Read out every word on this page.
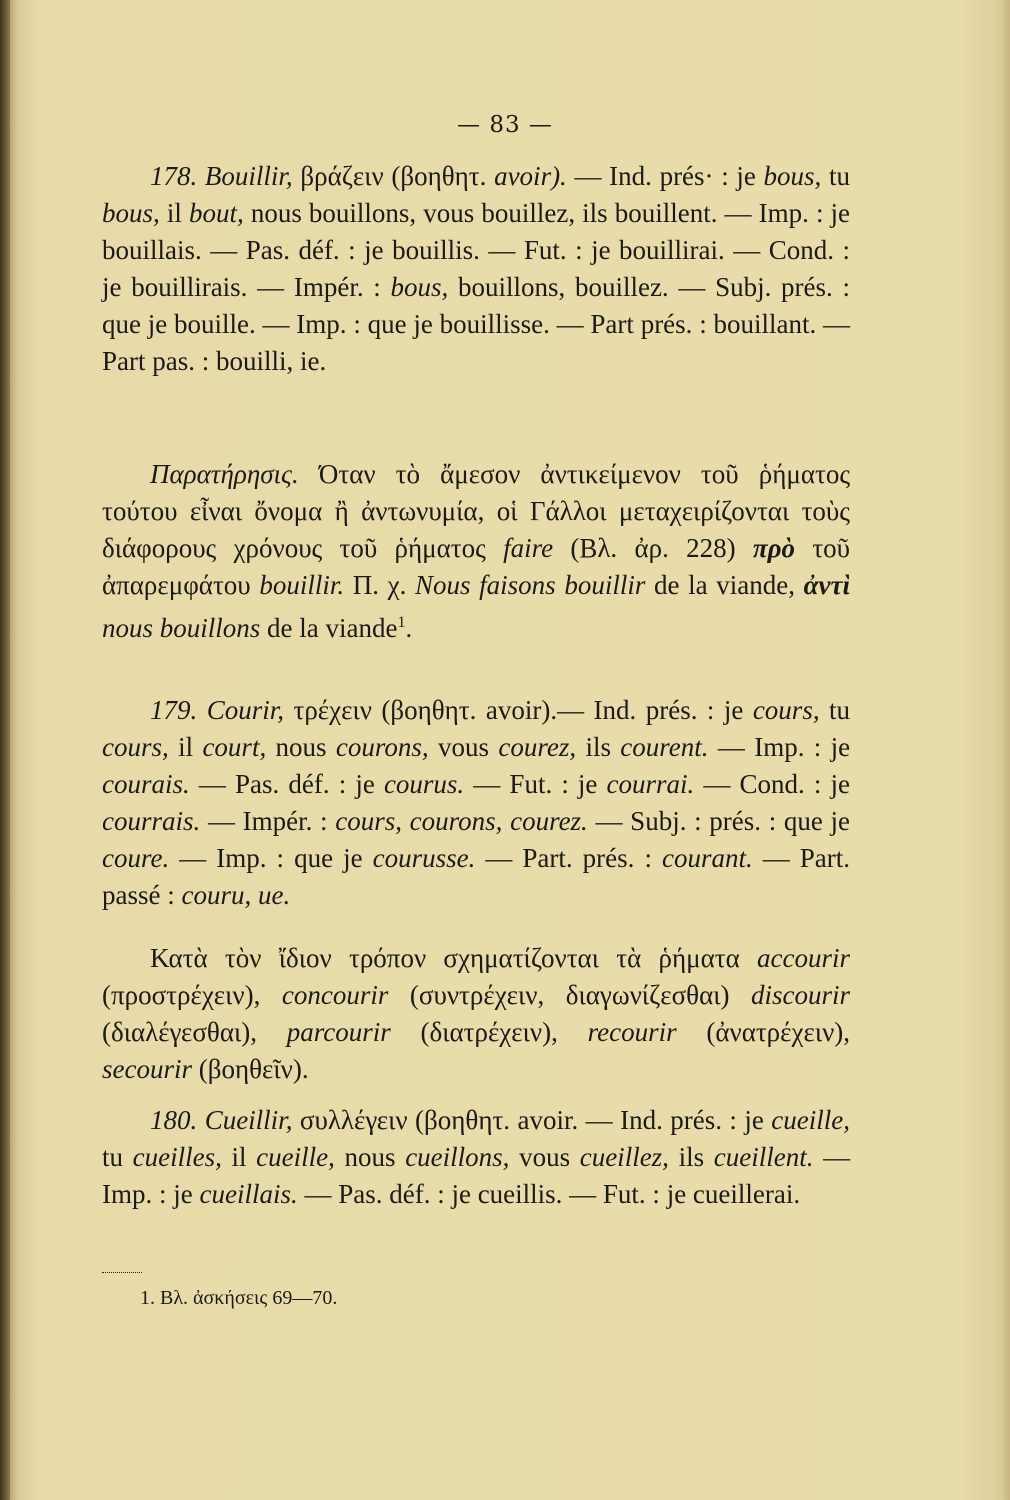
— 83 —

178. Bouillir, βράζειν (βοηθητ. avoir). — Ind. prés· : je bous, tu bous, il bout, nous bouillons, vous bouillez, ils bouillent. — Imp. : je bouillais. — Pas. déf. : je bouillis. — Fut. : je bouillirai. — Cond. : je bouillirais. — Impér. : bous, bouillons, bouillez. — Subj. prés. : que je bouille. — Imp. : que je bouillisse. — Part prés. : bouillant. — Part pas. : bouilli, ie.

Παρατήρησις. Όταν τὸ ἄμεσον ἀντικείμενον τοῦ ῥήματος τούτου εἶναι ὄνομα ἢ ἀντωνυμία, οἱ Γάλλοι μεταχειρίζονται τοὺς διάφορους χρόνους τοῦ ῥήματος faire (Βλ. ἀρ. 228) πρὸ τοῦ ἀπαρεμφάτου bouillir. Π. χ. Nous faisons bouillir de la viande, ἀντὶ nous bouillons de la viande$^1$.

179. Courir, τρέχειν (βοηθητ. avoir).— Ind. prés. : je cours, tu cours, il court, nous courons, vous courez, ils courent. — Imp. : je courais. — Pas. déf. : je courus. — Fut. : je courrai. — Cond. : je courrais. — Impér. : cours, courons, courez. — Subj. : prés. : que je coure. — Imp. : que je courusse. — Part. prés. : courant. — Part. passé : couru, ue.

Κατὰ τὸν ἴδιον τρόπον σχηματίζονται τὰ ῥήματα accourir (προστρέχειν), concourir (συντρέχειν, διαγωνίζεσθαι) discourir (διαλέγεσθαι), parcourir (διατρέχειν), recourir (ἀνατρέχειν), secourir (βοηθεῖν).

180. Cueillir, συλλέγειν (βοηθητ. avoir. — Ind. prés. : je cueille, tu cueilles, il cueille, nous cueillons, vous cueillez, ils cueillent. — Imp. : je cueillais. — Pas. déf. : je cueillis. — Fut. : je cueillerai.

1. Βλ. ἀσκήσεις 69—70.
